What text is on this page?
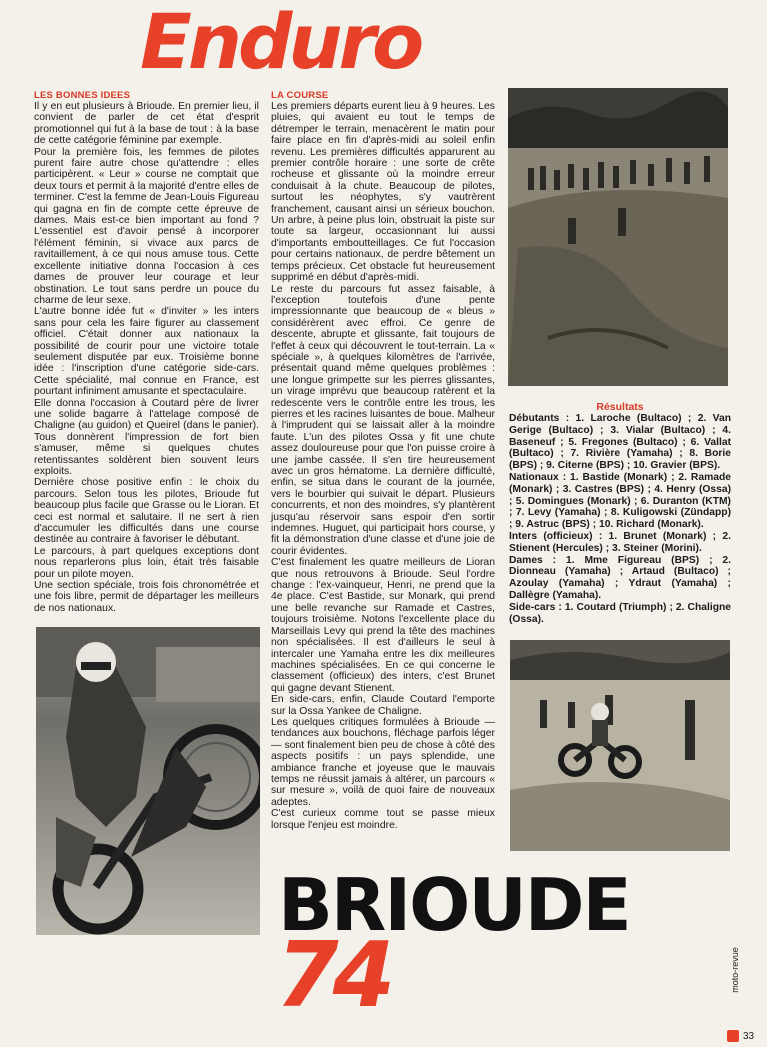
Enduro
LES BONNES IDEES

Il y en eut plusieurs à Brioude. En premier lieu, il convient de parler de cet état d'esprit promotionnel qui fut à la base de tout : à la base de cette catégorie féminine par exemple.

Pour la première fois, les femmes de pilotes purent faire autre chose qu'attendre : elles participèrent. « Leur » course ne comptait que deux tours et permit à la majorité d'entre elles de terminer. C'est la femme de Jean-Louis Figureau qui gagna en fin de compte cette épreuve de dames. Mais est-ce bien important au fond ? L'essentiel est d'avoir pensé à incorporer l'élément féminin, si vivace aux parcs de ravitaillement, à ce qui nous amuse tous. Cette excellente initiative donna l'occasion à ces dames de prouver leur courage et leur obstination. Le tout sans perdre un pouce du charme de leur sexe.

L'autre bonne idée fut « d'inviter » les inters sans pour cela les faire figurer au classement officiel. C'était donner aux nationaux la possibilité de courir pour une victoire totale seulement disputée par eux. Troisième bonne idée : l'inscription d'une catégorie side-cars. Cette spécialité, mal connue en France, est pourtant infiniment amusante et spectaculaire.

Elle donna l'occasion à Coutard père de livrer une solide bagarre à l'attelage composé de Chaligne (au guidon) et Queirel (dans le panier). Tous donnèrent l'impression de fort bien s'amuser, même si quelques chutes retentissantes soldèrent bien souvent leurs exploits.

Dernière chose positive enfin : le choix du parcours. Selon tous les pilotes, Brioude fut beaucoup plus facile que Grasse ou le Lioran. Et ceci est normal et salutaire. Il ne sert à rien d'accumuler les difficultés dans une course destinée au contraire à favoriser le débutant.

Le parcours, à part quelques exceptions dont nous reparlerons plus loin, était très faisable pour un pilote moyen.

Une section spéciale, trois fois chronométrée et une fois libre, permit de départager les meilleurs de nos nationaux.

LA COURSE

Les premiers départs eurent lieu à 9 heures. Les pluies, qui avaient eu tout le temps de détremper le terrain, menacèrent le matin pour faire place en fin d'après-midi au soleil enfin revenu. Les premières difficultés apparurent au premier contrôle horaire : une sorte de crête rocheuse et glissante où la moindre erreur conduisait à la chute. Beaucoup de pilotes, surtout les néophytes, s'y vautrèrent franchement, causant ainsi un sérieux bouchon. Un arbre, à peine plus loin, obstruait la piste sur toute sa largeur, occasionnant lui aussi d'importants emboutteillages. Ce fut l'occasion pour certains nationaux, de perdre bêtement un temps précieux. Cet obstacle fut heureusement supprimé en début d'après-midi.

Le reste du parcours fut assez faisable, à l'exception toutefois d'une pente impressionnante que beaucoup de « bleus » considérèrent avec effroi. Ce genre de descente, abrupte et glissante, fait toujours de l'effet à ceux qui découvrent le tout-terrain. La « spéciale », à quelques kilomètres de l'arrivée, présentait quand même quelques problèmes : une longue grimpette sur les pierres glissantes, un virage imprévu que beaucoup ratèrent et la redescente vers le contrôle entre les trous, les pierres et les racines luisantes de boue. Malheur à l'imprudent qui se laissait aller à la moindre faute. L'un des pilotes Ossa y fit une chute assez douloureuse pour que l'on puisse croire à une jambe cassée. Il s'en tire heureusement avec un gros hématome. La dernière difficulté, enfin, se situa dans le courant de la journée, vers le bourbier qui suivait le départ. Plusieurs concurrents, et non des moindres, s'y plantèrent jusqu'au réservoir sans espoir d'en sortir indemnes. Huguet, qui participait hors course, y fit la démonstration d'une classe et d'une joie de courir évidentes.

C'est finalement les quatre meilleurs de Lioran que nous retrouvons à Brioude. Seul l'ordre change : l'ex-vainqueur, Henri, ne prend que la 4e place. C'est Bastide, sur Monark, qui prend une belle revanche sur Ramade et Castres, toujours troisième. Notons l'excellente place du Marseillais Levy qui prend la tête des machines non spécialisées. Il est d'ailleurs le seul à intercaler une Yamaha entre les dix meilleures machines spécialisées. En ce qui concerne le classement (officieux) des inters, c'est Brunet qui gagne devant Stienent.

En side-cars, enfin, Claude Coutard l'emporte sur la Ossa Yankee de Chaligne.

Les quelques critiques formulées à Brioude — tendances aux bouchons, fléchage parfois léger — sont finalement bien peu de chose à côté des aspects positifs : un pays splendide, une ambiance franche et joyeuse que le mauvais temps ne réussit jamais à altérer, un parcours « sur mesure », voilà de quoi faire de nouveaux adeptes.

C'est curieux comme tout se passe mieux lorsque l'enjeu est moindre.

Résultats

Débutants : 1. Laroche (Bultaco) ; 2. Van Gerige (Bultaco) ; 3. Vialar (Bultaco) ; 4. Baseneuf ; 5. Fregones (Bultaco) ; 6. Vallat (Bultaco) ; 7. Rivière (Yamaha) ; 8. Borie (BPS) ; 9. Citerne (BPS) ; 10. Gravier (BPS).

Nationaux : 1. Bastide (Monark) ; 2. Ramade (Monark) ; 3. Castres (BPS) ; 4. Henry (Ossa) ; 5. Domingues (Monark) ; 6. Duranton (KTM) ; 7. Levy (Yamaha) ; 8. Kuligowski (Zündapp) ; 9. Astruc (BPS) ; 10. Richard (Monark).

Inters (officieux) : 1. Brunet (Monark) ; 2. Stienent (Hercules) ; 3. Steiner (Morini).

Dames : 1. Mme Figureau (BPS) ; 2. Dionneau (Yamaha) ; Artaud (Bultaco) ; Azoulay (Yamaha) ; Ydraut (Yamaha) ; Dallègre (Yamaha).

Side-cars : 1. Coutard (Triumph) ; 2. Chaligne (Ossa).

BRIOUDE
74	moto-revue
33
